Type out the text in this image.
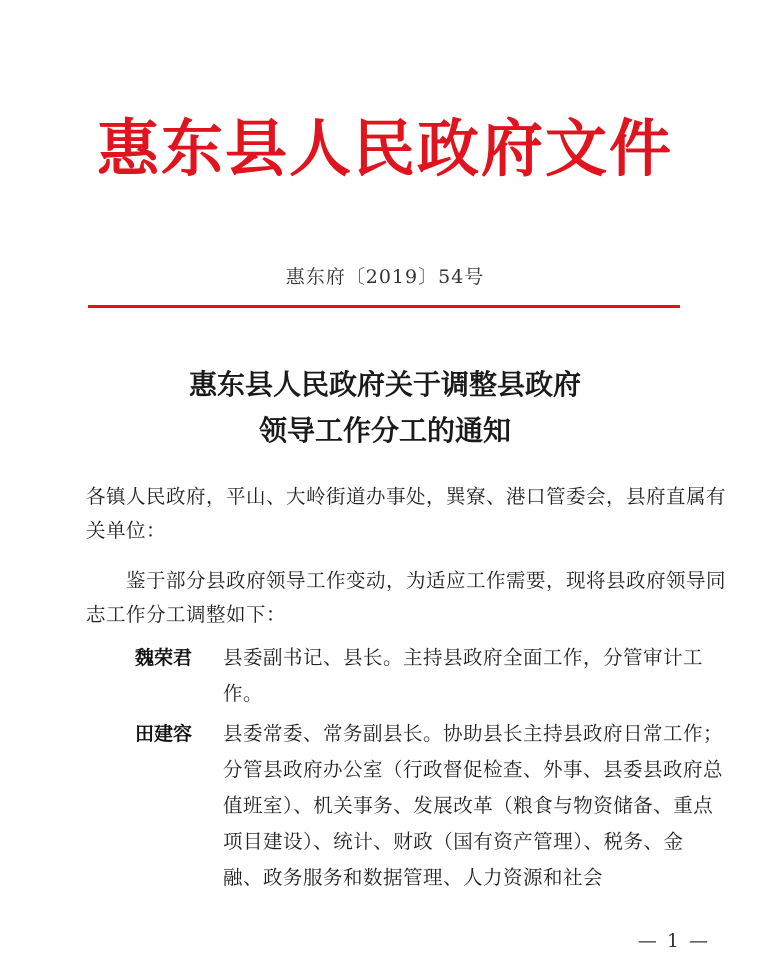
惠东县人民政府文件
惠东府〔2019〕54号
惠东县人民政府关于调整县政府
领导工作分工的通知
各镇人民政府，平山、大岭街道办事处，巽寮、港口管委会，县府直属有关单位：
鉴于部分县政府领导工作变动，为适应工作需要，现将县政府领导同志工作分工调整如下：
魏荣君	县委副书记、县长。主持县政府全面工作，分管审计工作。
田建容	县委常委、常务副县长。协助县长主持县政府日常工作；分管县政府办公室（行政督促检查、外事、县委县政府总值班室）、机关事务、发展改革（粮食与物资储备、重点项目建设）、统计、财政（国有资产管理）、税务、金融、政务服务和数据管理、人力资源和社会
— 1 —
